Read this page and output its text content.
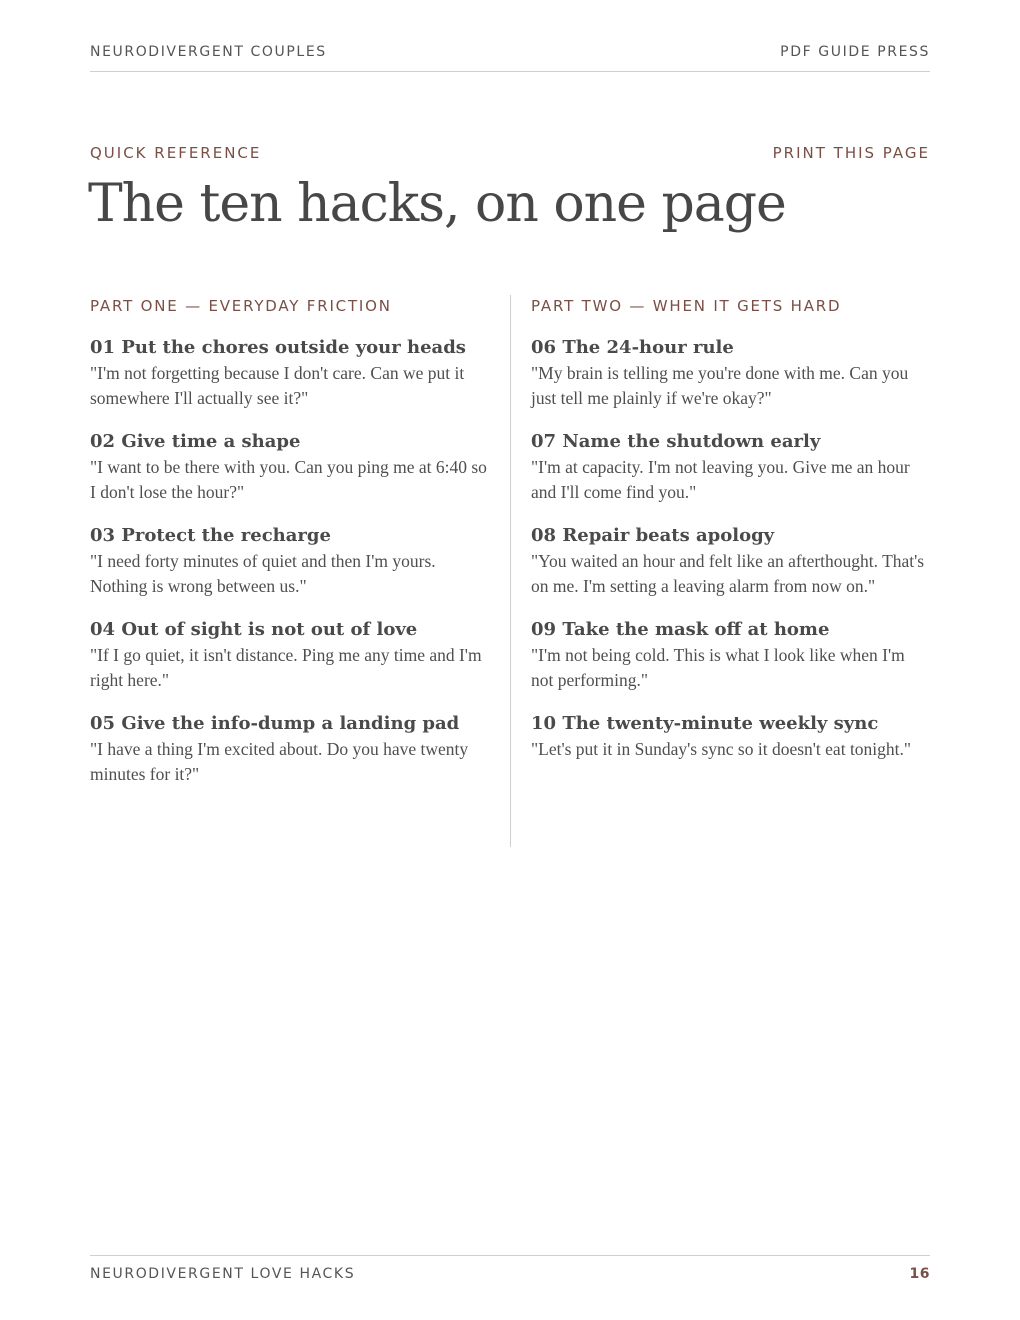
NEURODIVERGENT COUPLES	PDF GUIDE PRESS
QUICK REFERENCE	PRINT THIS PAGE
The ten hacks, on one page
PART ONE — EVERYDAY FRICTION
01 Put the chores outside your heads
"I'm not forgetting because I don't care. Can we put it somewhere I'll actually see it?"
02 Give time a shape
"I want to be there with you. Can you ping me at 6:40 so I don't lose the hour?"
03 Protect the recharge
"I need forty minutes of quiet and then I'm yours. Nothing is wrong between us."
04 Out of sight is not out of love
"If I go quiet, it isn't distance. Ping me any time and I'm right here."
05 Give the info-dump a landing pad
"I have a thing I'm excited about. Do you have twenty minutes for it?"
PART TWO — WHEN IT GETS HARD
06 The 24-hour rule
"My brain is telling me you're done with me. Can you just tell me plainly if we're okay?"
07 Name the shutdown early
"I'm at capacity. I'm not leaving you. Give me an hour and I'll come find you."
08 Repair beats apology
"You waited an hour and felt like an afterthought. That's on me. I'm setting a leaving alarm from now on."
09 Take the mask off at home
"I'm not being cold. This is what I look like when I'm not performing."
10 The twenty-minute weekly sync
"Let's put it in Sunday's sync so it doesn't eat tonight."
NEURODIVERGENT LOVE HACKS	16
